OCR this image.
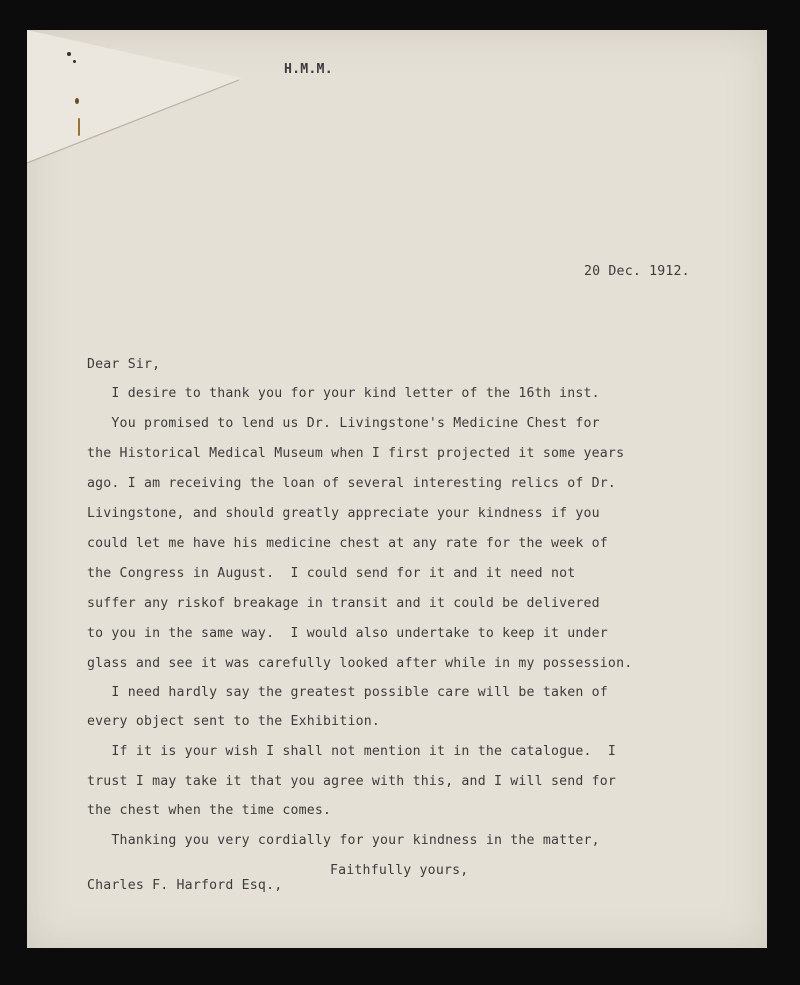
H.M.M.

20 Dec. 1912.

Dear Sir,

I desire to thank you for your kind letter of the 16th inst.

You promised to lend us Dr. Livingstone's Medicine Chest for

the Historical Medical Museum when I first projected it some years

ago. I am receiving the loan of several interesting relics of Dr.

Livingstone, and should greatly appreciate your kindness if you

could let me have his medicine chest at any rate for the week of

the Congress in August.  I could send for it and it need not

suffer any riskof breakage in transit and it could be delivered

to you in the same way.  I would also undertake to keep it under

glass and see it was carefully looked after while in my possession.

I need hardly say the greatest possible care will be taken of

every object sent to the Exhibition.

If it is your wish I shall not mention it in the catalogue.  I

trust I may take it that you agree with this, and I will send for

the chest when the time comes.

Thanking you very cordially for your kindness in the matter,

Faithfully yours,

Charles F. Harford Esq.,
